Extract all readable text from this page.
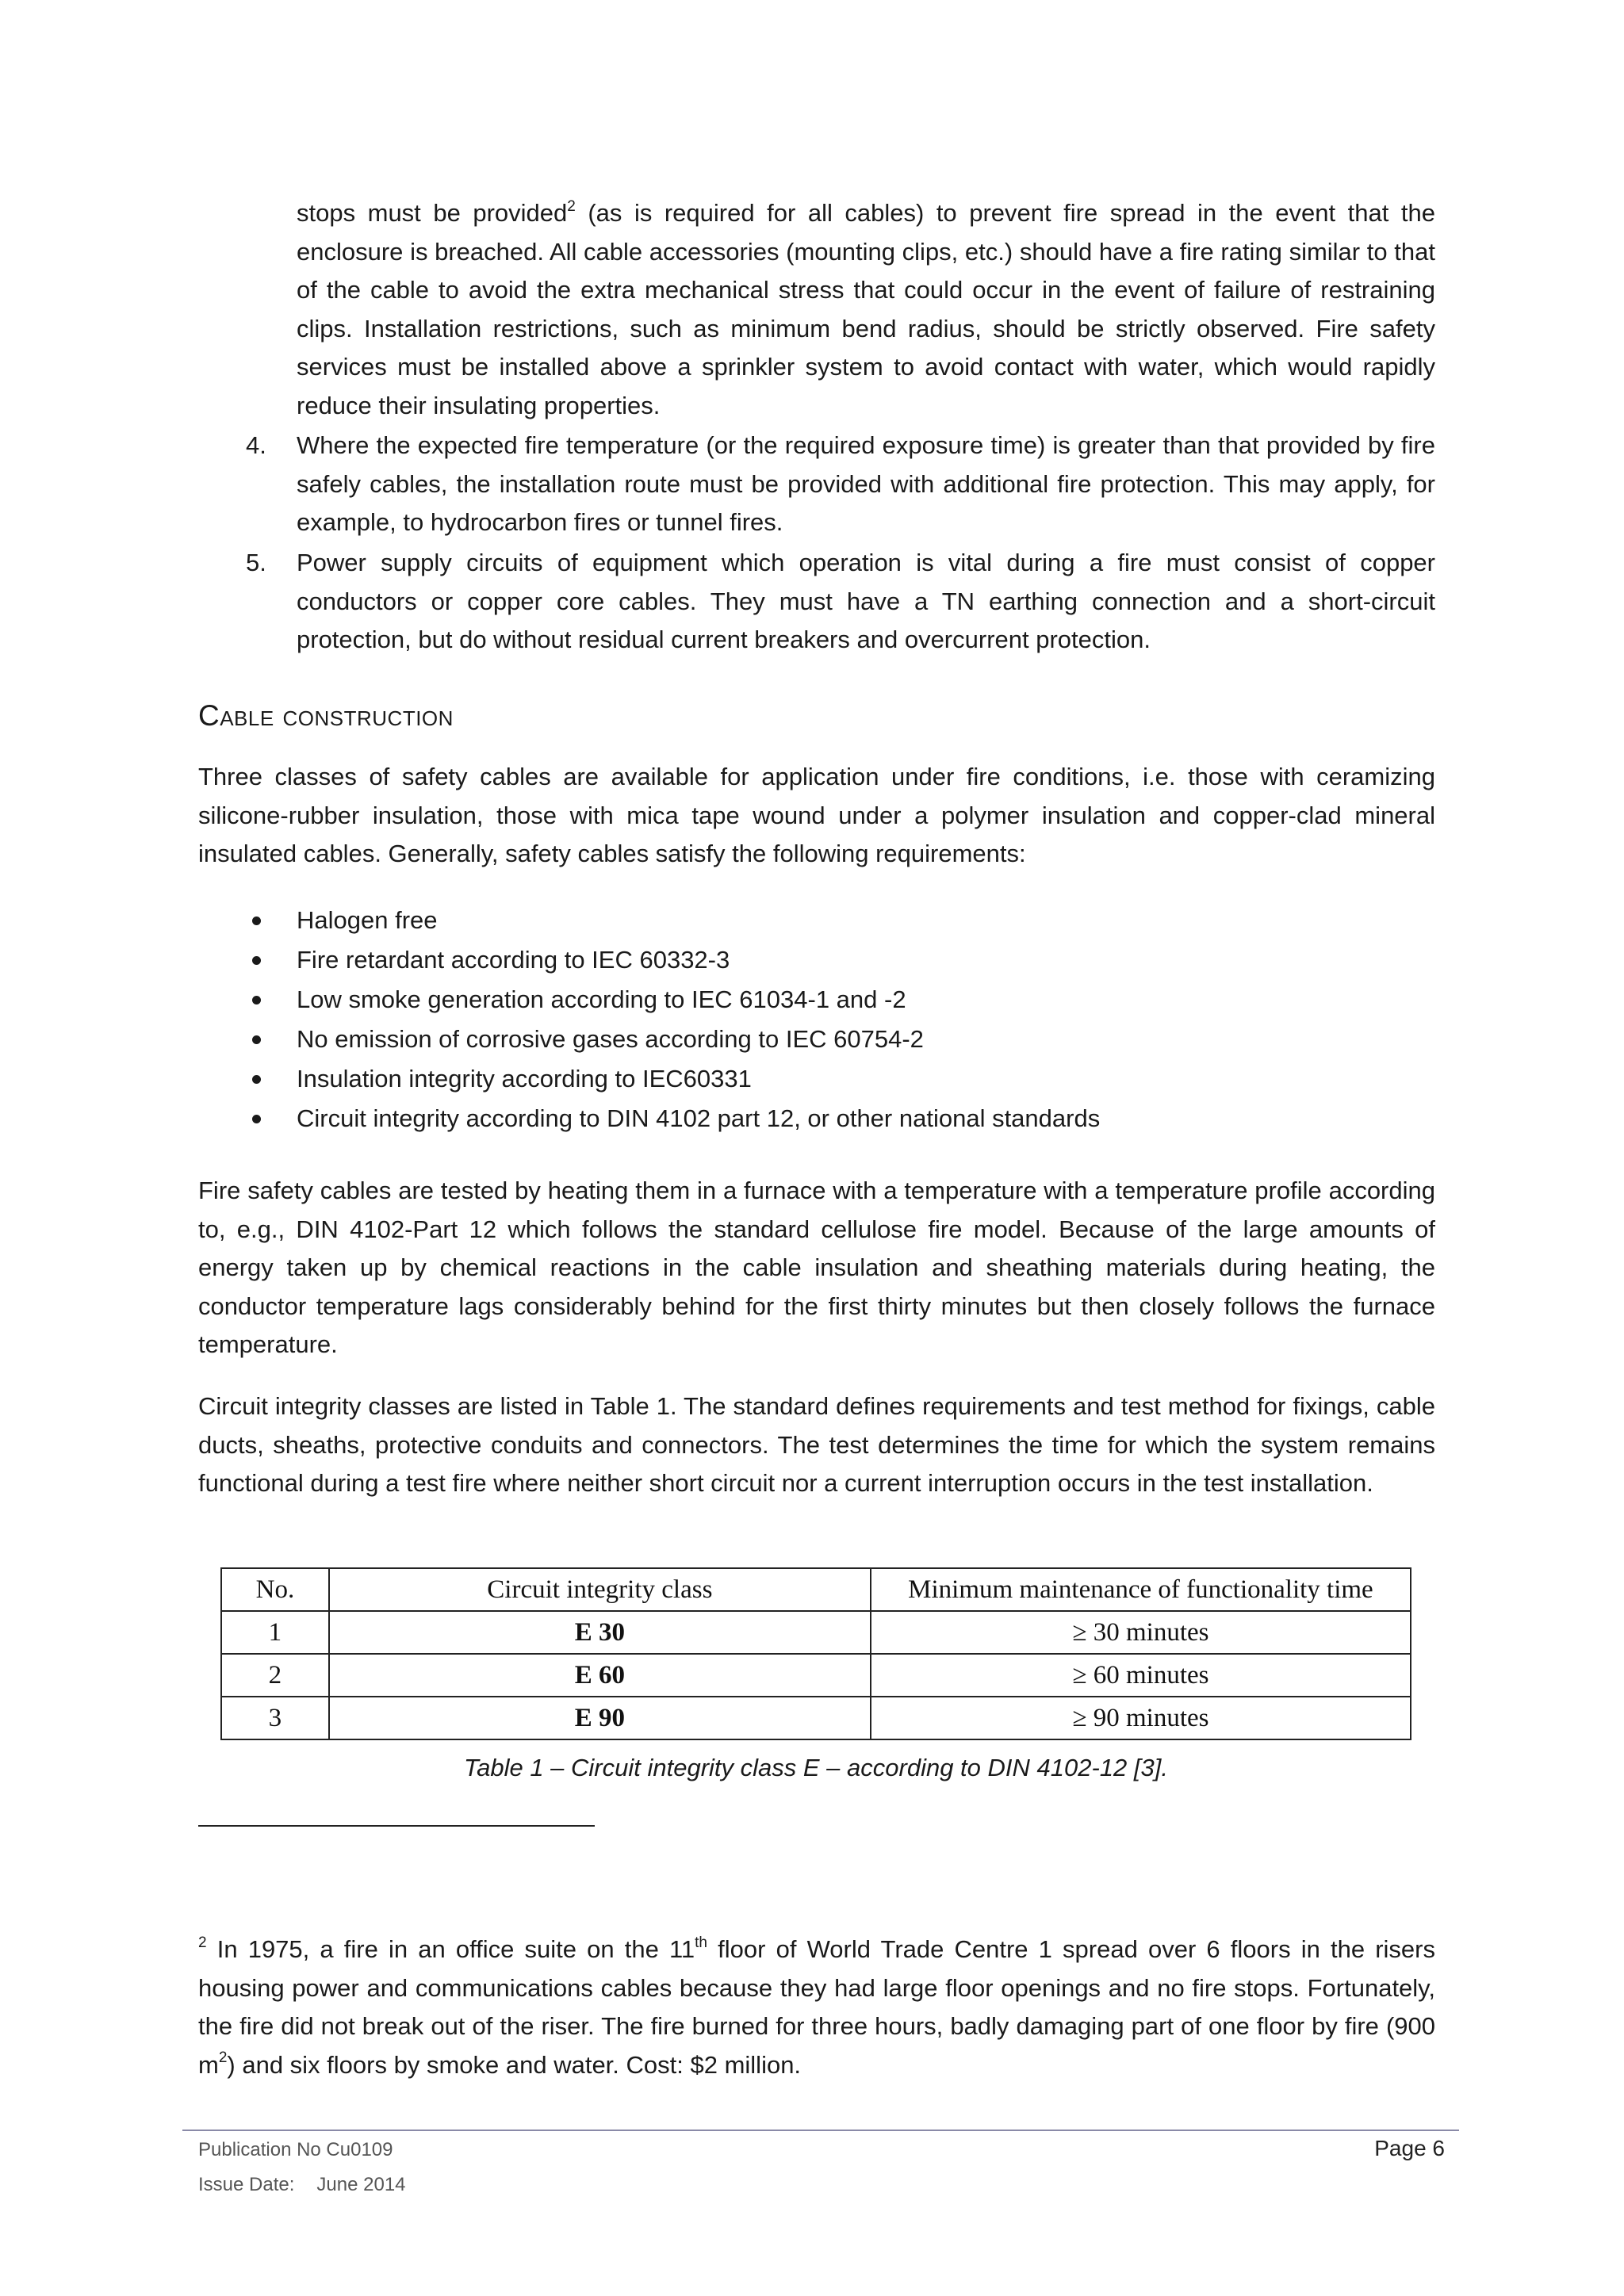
stops must be provided$^2$ (as is required for all cables) to prevent fire spread in the event that the enclosure is breached. All cable accessories (mounting clips, etc.) should have a fire rating similar to that of the cable to avoid the extra mechanical stress that could occur in the event of failure of restraining clips. Installation restrictions, such as minimum bend radius, should be strictly observed. Fire safety services must be installed above a sprinkler system to avoid contact with water, which would rapidly reduce their insulating properties.

4. Where the expected fire temperature (or the required exposure time) is greater than that provided by fire safely cables, the installation route must be provided with additional fire protection. This may apply, for example, to hydrocarbon fires or tunnel fires.
5. Power supply circuits of equipment which operation is vital during a fire must consist of copper conductors or copper core cables. They must have a TN earthing connection and a short-circuit protection, but do without residual current breakers and overcurrent protection.
Cable construction

Three classes of safety cables are available for application under fire conditions, i.e. those with ceramizing silicone-rubber insulation, those with mica tape wound under a polymer insulation and copper-clad mineral insulated cables. Generally, safety cables satisfy the following requirements:

Halogen free
Fire retardant according to IEC 60332-3
Low smoke generation according to IEC 61034-1 and -2
No emission of corrosive gases according to IEC 60754-2
Insulation integrity according to IEC60331
Circuit integrity according to DIN 4102 part 12, or other national standards

Fire safety cables are tested by heating them in a furnace with a temperature with a temperature profile according to, e.g., DIN 4102-Part 12 which follows the standard cellulose fire model. Because of the large amounts of energy taken up by chemical reactions in the cable insulation and sheathing materials during heating, the conductor temperature lags considerably behind for the first thirty minutes but then closely follows the furnace temperature.

Circuit integrity classes are listed in Table 1. The standard defines requirements and test method for fixings, cable ducts, sheaths, protective conduits and connectors. The test determines the time for which the system remains functional during a test fire where neither short circuit nor a current interruption occurs in the test installation.

No.	Circuit integrity class	Minimum maintenance of functionality time
1	E 30	≥ 30 minutes
2	E 60	≥ 60 minutes
3	E 90	≥ 90 minutes

Table 1 – Circuit integrity class E – according to DIN 4102-12 [3].

$^2$ In 1975, a fire in an office suite on the 11th floor of World Trade Centre 1 spread over 6 floors in the risers housing power and communications cables because they had large floor openings and no fire stops. Fortunately, the fire did not break out of the riser. The fire burned for three hours, badly damaging part of one floor by fire (900 $m^2$) and six floors by smoke and water. Cost: $2 million.

Publication No Cu0109

Issue Date: June 2014

Page 6
